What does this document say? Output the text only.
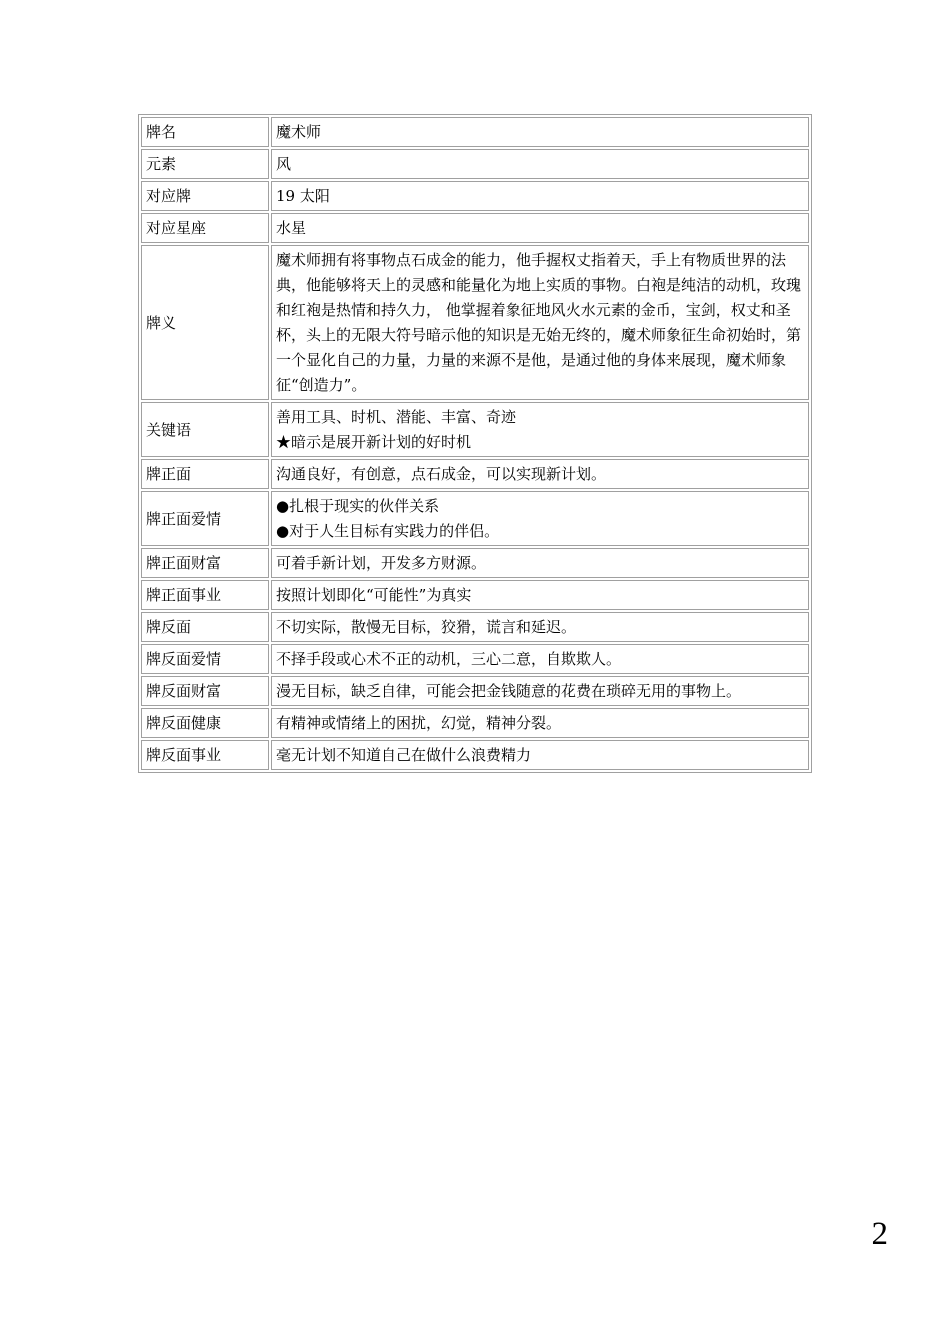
牌名	魔术师

元素	风

对应牌	19 太阳

对应星座	水星

牌义	魔术师拥有将事物点石成金的能力，他手握权丈指着天，手上有物质世界的法典，他能够将天上的灵感和能量化为地上实质的事物。白袍是纯洁的动机，玫瑰和红袍是热情和持久力， 他掌握着象征地风火水元素的金币，宝剑，权丈和圣杯，头上的无限大符号暗示他的知识是无始无终的，魔术师象征生命初始时，第一个显化自己的力量，力量的来源不是他，是通过他的身体来展现，魔术师象征“创造力”。

关键语	善用工具、时机、潜能、丰富、奇迹
★暗示是展开新计划的好时机

牌正面	沟通良好，有创意，点石成金，可以实现新计划。

牌正面爱情	●扎根于现实的伙伴关系
●对于人生目标有实践力的伴侣。

牌正面财富	可着手新计划，开发多方财源。

牌正面事业	按照计划即化“可能性”为真实

牌反面	不切实际，散慢无目标，狡猾，谎言和延迟。

牌反面爱情	不择手段或心术不正的动机，三心二意，自欺欺人。

牌反面财富	漫无目标，缺乏自律，可能会把金钱随意的花费在琐碎无用的事物上。

牌反面健康	有精神或情绪上的困扰，幻觉，精神分裂。

牌反面事业	毫无计划不知道自己在做什么浪费精力
2
